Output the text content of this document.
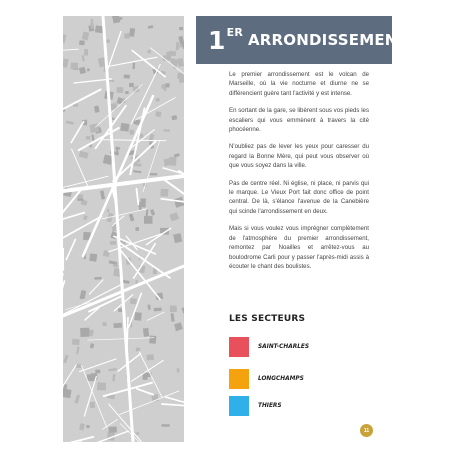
1 ER ARRONDISSEMENT

Le premier arrondissement est le volcan de Marseille, où la vie nocturne et diurne ne se différencient guère tant l'activité y est intense.

En sortant de la gare, se libèrent sous vos pieds les escaliers qui vous emmènent à travers la cité phocéenne.

N'oubliez pas de lever les yeux pour caresser du regard la Bonne Mère, qui peut vous observer où que vous soyez dans la ville.

Pas de centre réel. Ni église, ni place, ni parvis qui le marque. Le Vieux Port fait donc office de point central. De là, s'élance l'avenue de la Canebière qui scinde l'arrondissement en deux.

Mais si vous voulez vous imprégner complètement de l'atmosphère du premier arrondissement, remontez par Noailles et arrêtez-vous au boulodrome Carli pour y passer l'après-midi assis à écouter le chant des boulistes.

LES SECTEURS
SAINT-CHARLES
LONGCHAMPS
THIERS
11
